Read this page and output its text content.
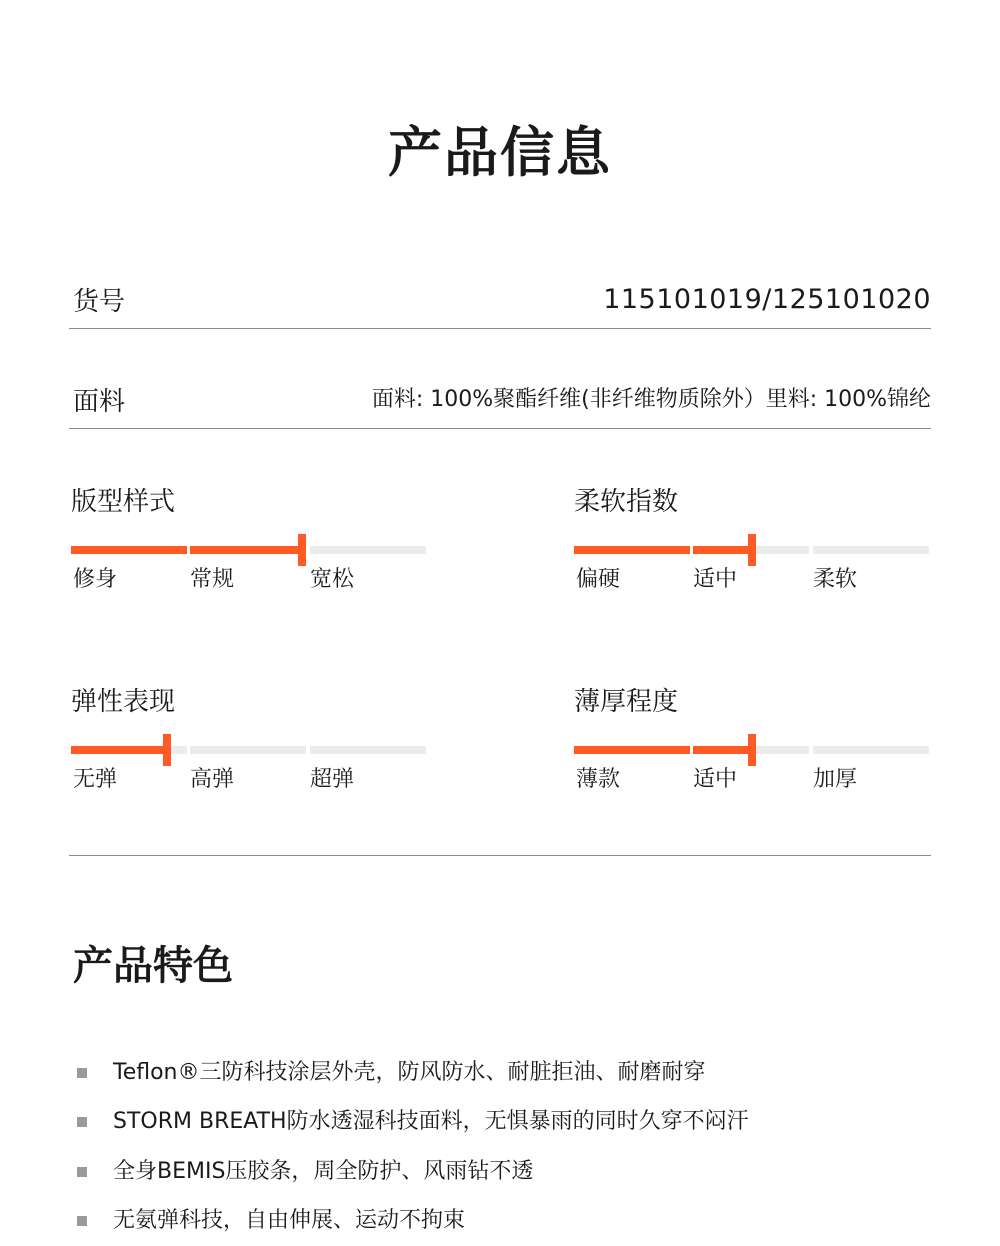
产品信息
货号	115101019/125101020
面料	面料: 100%聚酯纤维(非纤维物质除外）里料: 100%锦纶
版型样式
修身	常规	宽松
柔软指数
偏硬	适中	柔软
弹性表现
无弹	高弹	超弹
薄厚程度
薄款	适中	加厚
产品特色
Teflon®三防科技涂层外壳，防风防水、耐脏拒油、耐磨耐穿
STORM BREATH防水透湿科技面料，无惧暴雨的同时久穿不闷汗
全身BEMIS压胶条，周全防护、风雨钻不透
无氨弹科技，自由伸展、运动不拘束
